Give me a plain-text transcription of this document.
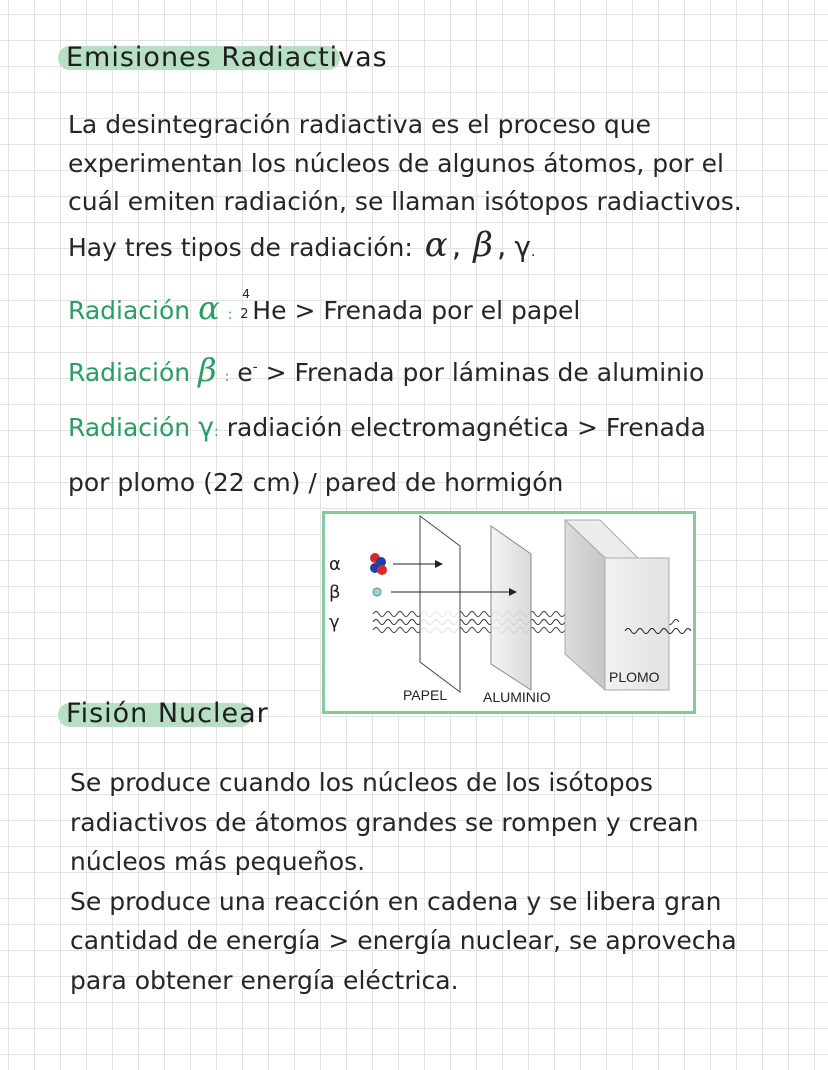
Emisiones Radiactivas

La desintegración radiactiva es el proceso que
experimentan los núcleos de algunos átomos, por el
cuál emiten radiación, se llaman isótopos radiactivos.

Hay tres tipos de radiación: α , β , γ.
Radiación α :
4
2 He > Frenada por el papel
Radiación β : e- > Frenada por láminas de aluminio
Radiación γ: radiación electromagnética > Frenada
por plomo (22 cm) / pared de hormigón
α
β
γ
PAPEL	ALUMINIO
PLOMO
Fisión Nuclear

Se produce cuando los núcleos de los isótopos
radiactivos de átomos grandes se rompen y crean
núcleos más pequeños.
Se produce una reacción en cadena y se libera gran
cantidad de energía > energía nuclear, se aprovecha
para obtener energía eléctrica.
